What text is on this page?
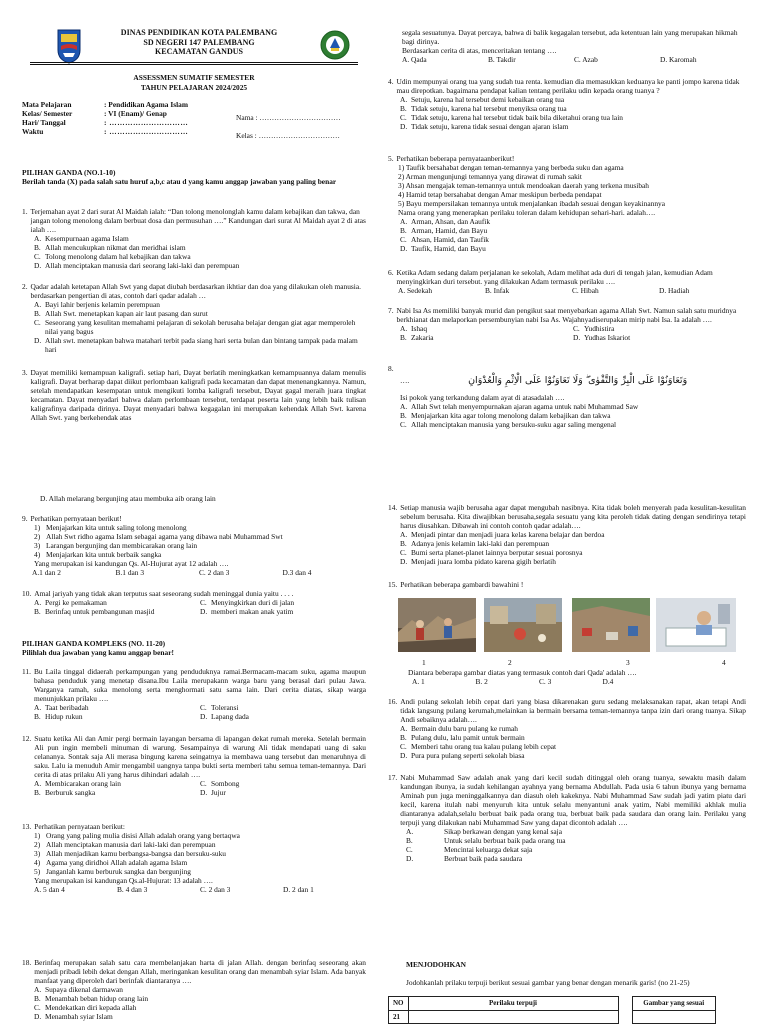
DINAS PENDIDIKAN KOTA PALEMBANG
SD NEGERI 147 PALEMBANG
KECAMATAN GANDUS
ASSESSMEN SUMATIF SEMESTER
TAHUN PELAJARAN 2024/2025
Mata Pelajaran	: Pendidikan Agama Islam
Kelas/ Semester	: VI (Enam)/ Genap
Hari/ Tanggal	: …………………………
Waktu	: …………………………
Nama : ……………………………
Kelas : ……………………………
PILIHAN GANDA (NO.1-10)
Berilah tanda (X) pada salah satu huruf a,b,c atau d yang kamu anggap jawaban yang paling benar
1. Terjemahan ayat 2 dari surat Al Maidah ialah: “Dan tolong menolonglah kamu dalam kebajikan dan takwa, dan jangan tolong menolong dalam berbuat dosa dan permusuhan ….” Kandungan dari surat Al Maidah ayat 2 di atas ialah ….
A. Kesempurnaan agama Islam
B. Allah mencukupkan nikmat dan meridhai islam
C. Tolong menolong dalam hal kebajikan dan takwa
D. Allah menciptakan manusia dari seorang laki-laki dan perempuan
2. Qadar adalah ketetapan Allah Swt yang dapat diubah berdasarkan ikhtiar dan doa yang dilakukan oleh manusia. berdasarkan pengertian di atas, contoh dari qadar adalah …
A. Bayi lahir berjenis kelamin perempuan
B. Allah Swt. menetapkan kapan air laut pasang dan surut
C. Seseorang yang kesulitan memahami pelajaran di sekolah berusaha belajar dengan giat agar memperoleh nilai yang bagus
D. Allah swt. menetapkan bahwa matahari terbit pada siang hari serta bulan dan bintang tampak pada malam hari
3. Dayat memiliki kemampuan kaligrafi. setiap hari, Dayat berlatih meningkatkan kemampuannya dalam menulis kaligrafi. Dayat berharap dapat diikut perlombaan kaligrafi pada kecamatan dan dapat menenangkannya. Namun, setelah mendapatkan kesempatan untuk mengikuti lomba kaligrafi tersebut, Dayat gagal meraih juara tingkat kecamatan. Dayat menyadari bahwa dalam perlombaan tersebut, terdapat peserta lain yang lebih baik tulisan kaligrafinya daripada dirinya. Dayat menyadari bahwa kegagalan ini merupakan kehendak Allah Swt. karena Allah Swt. yang berkehendak atas
D. Allah melarang bergunjing atau membuka aib orang lain
9. Perhatikan pernyataan berikut!
1) Menjajarkan kita untuk saling tolong menolong
2) Allah Swt ridho agama Islam sebagai agama yang dibawa nabi Muhammad Swt
3) Larangan bergunjing dan membicarakan orang lain
4) Menjajarkan kita untuk berbaik sangka
Yang merupakan isi kandungan Qs. Al-Hujurat ayat 12 adalah ….
A.1 dan 2	B.1 dan 3	C. 2 dan 3	D.3 dan 4
10. Amal jariyah yang tidak akan terputus saat seseorang sudah meninggal dunia yaitu . . . .
A. Pergi ke pemakaman	C. Menyingkirkan duri di jalan
B. Berinfaq untuk pembangunan masjid	D. memberi makan anak yatim
PILIHAN GANDA KOMPLEKS (NO. 11-20)
Pilihlah dua jawaban yang kamu anggap benar!
11. Bu Laila tinggal didaerah perkampungan yang penduduknya ramai.Bermacam-macam suku, agama maupun bahasa penduduk yang menetap disana.Ibu Laila merupakann warga baru yang berasal dari pulau Jawa. Warganya ramah, suka menolong serta menghormati satu sama lain. Dari cerita diatas, sikap warga menunjukkan prilaku ….
A. Taat beribadah	C. Toleransi
B. Hidup rukun	D. Lapang dada
12. Suatu ketika Ali dan Amir pergi bermain layangan bersama di lapangan dekat rumah mereka. Setelah bermain Ali pun ingin membeli minuman di warung. Sesampainya di warung Ali tidak mendapati uang di saku celananya. Sontak saja Ali merasa bingung karena seingatnya ia membawa uang tersebut dan menaruhnya di saku. Lalu ia menuduh Amir mengambil uangnya tanpa bukti serta memberi tahu semua teman-temannya. Dari cerita di atas prilaku Ali yang harus dihindari adalah ….
A. Membicarakan orang lain	C. Sombong
B. Berburuk sangka	D. Jujur
13. Perhatikan pernyataan berikut:
1) Orang yang paling mulia disisi Allah adalah orang yang bertaqwa
2) Allah menciptakan manusia dari laki-laki dan perempuan
3) Allah menjadikan kamu berbangsa-bangsa dan bersuku-suku
4) Agama yang diridhoi Allah adalah agama Islam
5) Janganlah kamu berburuk sangka dan bergunjing
Yang merupakan isi kandungan Qs.al-Hujurat: 13 adalah ….
A. 5 dan 4	B. 4 dan 3	C. 2 dan 3	D. 2 dan 1
18. Berinfaq merupakan salah satu cara membelanjakan harta di jalan Allah. dengan berinfaq seseorang akan menjadi pribadi lebih dekat dengan Allah, meringankan kesulitan orang dan menambah syiar Islam. Ada banyak manfaat yang diperoleh dari berinfak diantaranya ….
A. Supaya dikenal darmawan
B. Menambah beban hidup orang lain
C. Mendekatkan diri kepada allah
D. Menambah syiar Islam
segala sesuatunya. Dayat percaya, bahwa di balik kegagalan tersebut, ada ketentuan lain yang merupakan hikmah bagi dirinya.
Berdasarkan cerita di atas, menceritakan tentang ….
A. Qada	B. Takdir	C. Azab	D. Karomah
4. Udin mempunyai orang tua yang sudah tua renta. kemudian dia memasukkan keduanya ke panti jompo karena tidak mau direpotkan. bagaimana pendapat kalian tentang perilaku udin kepada orang tuanya ?
A. Setuju, karena hal tersebut demi kebaikan orang tua
B. Tidak setuju, karena hal tersebut menyiksa orang tua
C. Tidak setuju, karena hal tersebut tidak baik bila diketahui orang tua lain
D. Tidak setuju, karena tidak sesuai dengan ajaran islam
5. Perhatikan beberapa pernyataanberikut!
1) Taufik bersahabat dengan teman-temannya yang berbeda suku dan agama
2) Arman mengunjungi temannya yang dirawat di rumah sakit
3) Ahsan mengajak teman-temannya untuk mendoakan daerah yang terkena musibah
4) Hamid tetap bersahabat dengan Amar meskipun berbeda pendapat
5) Bayu mempersilakan temannya untuk menjalankan ibadah sesuai dengan keyakinannya
Nama orang yang menerapkan perilaku toleran dalam kehidupan sehari-hari. adalah….
A. Arman, Ahsan, dan Aaufik
B. Arman, Hamid, dan Bayu
C. Ahsan, Hamid, dan Taufik
D. Taufik, Hamid, dan Bayu
6. Ketika Adam sedang dalam perjalanan ke sekolah, Adam melihat ada duri di tengah jalan, kemudian Adam menyingkirkan duri tersebut. yang dilakukan Adam termasuk perilaku ….
A. Sedekah	B. Infak	C. Hibah	D. Hadiah
7. Nabi Isa As memiliki banyak murid dan pengikut saat menyebarkan agama Allah Swt. Namun salah satu muridnya berkhianat dan melaporkan persembunyian nabi Isa As. Wajahnyadiserupakan mirip nabi Isa. Ia adalah ….
A. Ishaq	C. Yudhistira
B. Zakaria	D. Yudhas Iskariot
8.
….	وَتَعَاوَنُوْا عَلَى الْبِرِّ وَالتَّقْوٰى ۖ وَلَا تَعَاوَنُوْا عَلَى الْاِثْمِ وَالْعُدْوَانِ
Isi pokok yang terkandung dalam ayat di atasadalah ….
A. Allah Swt telah menyempurnakan ajaran agama untuk nabi Muhammad Saw
B. Menjajarkan kita agar tolong menolong dalam kebajikan dan takwa
C. Allah menciptakan manusia yang bersuku-suku agar saling mengenal
14. Setiap manusia wajib berusaha agar dapat mengubah nasibnya. Kita tidak boleh menyerah pada kesulitan-kesulitan sebelum berusaha. Kita diwajibkan berusaha,segala sesuatu yang kita peroleh tidak dating dengan sendirinya tetapi harus diusahkan. Dibawah ini contoh contoh qadar adalah….
A. Menjadi pintar dan menjadi juara kelas karena belajar dan berdoa
B. Adanya jenis kelamin laki-laki dan perempuan
C. Bumi serta planet-planet lainnya berputar sesuai porosnya
D. Menjadi juara lomba pidato karena gigih berlatih
15. Perhatikan beberapa gambardi bawahini !
1	2	3	4
Diantara beberapa gambar diatas yang termasuk contoh dari Qada' adalah ….
A. 1	B. 2	C. 3	D.4
16. Andi pulang sekolah lebih cepat dari yang biasa dikarenakan guru sedang melaksanakan rapat, akan tetapi Andi tidak langsung pulang kerumah,melainkan ia bermain bersama teman-temannya tanpa izin dari orang tuanya. Sikap Andi sebaiknya adalah….
A. Bermain dulu baru pulang ke rumah
B. Pulang dulu, lalu pamit untuk bermain
C. Memberi tahu orang tua kalau pulang lebih cepat
D. Pura pura pulang seperti sekolah biasa
17. Nabi Muhammad Saw adalah anak yang dari kecil sudah ditinggal oleh orang tuanya, sewaktu masih dalam kandungan ibunya, ia sudah kehilangan ayahnya yang bernama Abdullah. Pada usia 6 tahun ibunya yang bernama Aminah pun juga meninggalkannya dan diasuh oleh kakeknya. Nabi Muhammad Saw sudah jadi yatim piatu dari kecil, karena itulah nabi menyuruh kita untuk selalu menyantuni anak yatim, Nabi memiliki akhlak mulia diantaranya adalah,selalu berbuat baik pada orang tua, berbuat baik pada saudara dan orang lain. Perilaku yang terpuji yang dilakukan nabi Muhammad Saw yang dapat dicontoh adalah ….
A.	Sikap berkawan dengan yang kenal saja
B.	Untuk selalu berbuat baik pada orang tua
C.	Mencintai keluarga dekat saja
D.	Berbuat baik pada saudara
MENJODOHKAN
Jodohkanlah prilaku terpuji berikut sesuai gambar yang benar dengan menarik garis! (no 21-25)
NO	Perilaku terpuji		Gambar yang sesuai
21			
